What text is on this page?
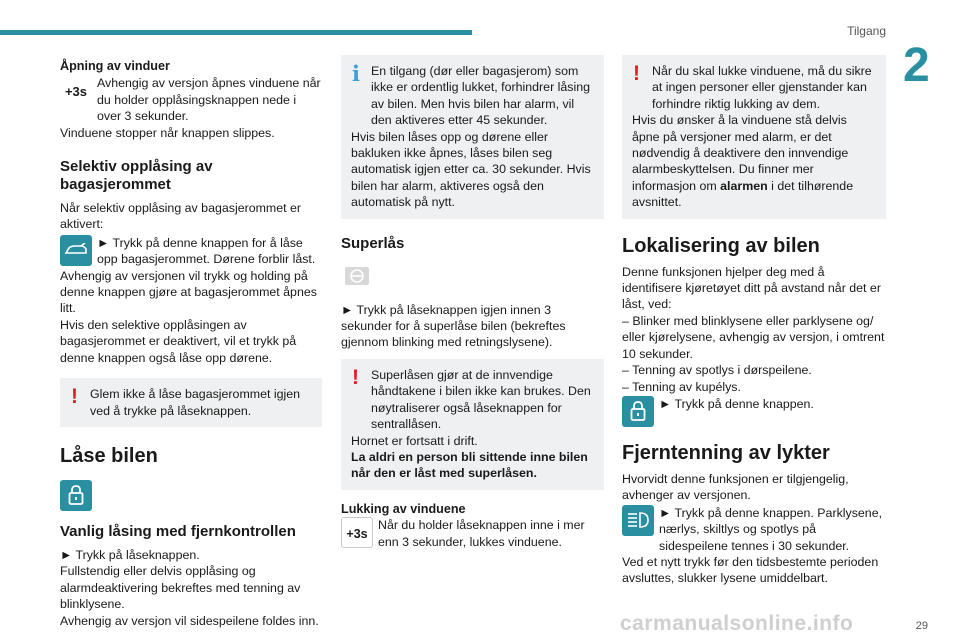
Tilgang
2

Åpning av vinduer

+3s

Avhengig av versjon åpnes vinduene når du holder opplåsingsknappen nede i over 3 sekunder.

Vinduene stopper når knappen slippes.

Selektiv opplåsing av bagasjerommet

Når selektiv opplåsing av bagasjerommet er aktivert:

► Trykk på denne knappen for å låse opp bagasjerommet. Dørene forblir låst.

Avhengig av versjonen vil trykk og holding på denne knappen gjøre at bagasjerommet åpnes litt.

Hvis den selektive opplåsingen av bagasjerommet er deaktivert, vil et trykk på denne knappen også låse opp dørene.

! Glem ikke å låse bagasjerommet igjen ved å trykke på låseknappen.

Låse bilen

Vanlig låsing med fjernkontrollen

► Trykk på låseknappen.

Fullstendig eller delvis opplåsing og alarmdeaktivering bekreftes med tenning av blinklysene.

Avhengig av versjon vil sidespeilene foldes inn.

i En tilgang (dør eller bagasjerom) som ikke er ordentlig lukket, forhindrer låsing av bilen. Men hvis bilen har alarm, vil den aktiveres etter 45 sekunder.

Hvis bilen låses opp og dørene eller bakluken ikke åpnes, låses bilen seg automatisk igjen etter ca. 30 sekunder. Hvis bilen har alarm, aktiveres også den automatisk på nytt.

Superlås

► Trykk på låseknappen igjen innen 3 sekunder for å superlåse bilen (bekreftes gjennom blinking med retningslysene).

! Superlåsen gjør at de innvendige håndtakene i bilen ikke kan brukes. Den nøytraliserer også låseknappen for sentrallåsen.

Hornet er fortsatt i drift.

La aldri en person bli sittende inne bilen når den er låst med superlåsen.

Lukking av vinduene

+3s

Når du holder låseknappen inne i mer enn 3 sekunder, lukkes vinduene.

! Når du skal lukke vinduene, må du sikre at ingen personer eller gjenstander kan forhindre riktig lukking av dem.

Hvis du ønsker å la vinduene stå delvis åpne på versjoner med alarm, er det nødvendig å deaktivere den innvendige alarmbeskyttelsen. Du finner mer informasjon om alarmen i det tilhørende avsnittet.

Lokalisering av bilen

Denne funksjonen hjelper deg med å identifisere kjøretøyet ditt på avstand når det er låst, ved:

– Blinker med blinklysene eller parklysene og/ eller kjørelysene, avhengig av versjon, i omtrent 10 sekunder.

– Tenning av spotlys i dørspeilene.

– Tenning av kupélys.

► Trykk på denne knappen.

Fjerntenning av lykter

Hvorvidt denne funksjonen er tilgjengelig, avhenger av versjonen.

► Trykk på denne knappen. Parklysene, nærlys, skiltlys og spotlys på sidespeilene tennes i 30 sekunder.

Ved et nytt trykk før den tidsbestemte perioden avsluttes, slukker lysene umiddelbart.

carmanualsonline.info	29
